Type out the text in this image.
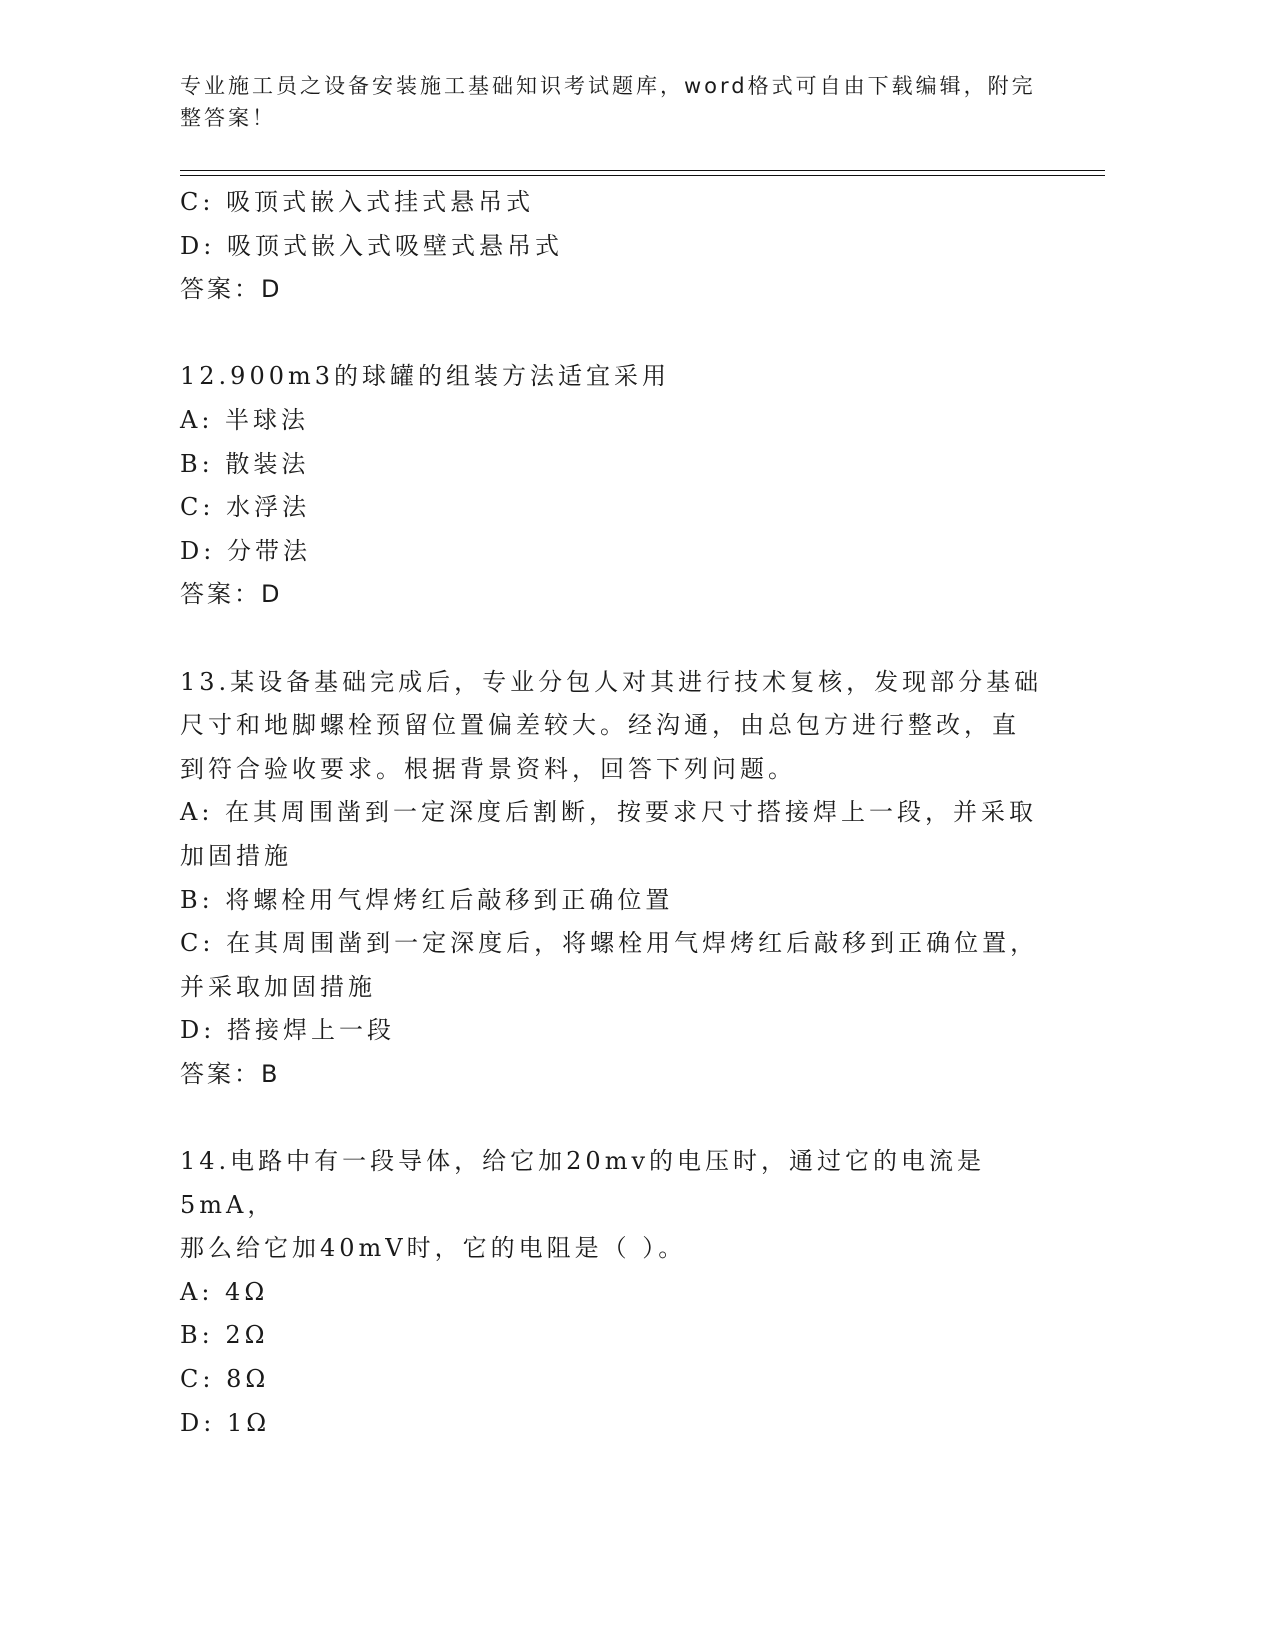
专业施工员之设备安装施工基础知识考试题库，word格式可自由下载编辑，附完整答案！
C: 吸顶式嵌入式挂式悬吊式
D: 吸顶式嵌入式吸壁式悬吊式
答案：D
12.900m3的球罐的组装方法适宜采用
A: 半球法
B: 散装法
C: 水浮法
D: 分带法
答案：D
13.某设备基础完成后，专业分包人对其进行技术复核，发现部分基础
尺寸和地脚螺栓预留位置偏差较大。经沟通，由总包方进行整改，直
到符合验收要求。根据背景资料，回答下列问题。
A: 在其周围凿到一定深度后割断，按要求尺寸搭接焊上一段，并采取
加固措施
B: 将螺栓用气焊烤红后敲移到正确位置
C: 在其周围凿到一定深度后，将螺栓用气焊烤红后敲移到正确位置，
并采取加固措施
D: 搭接焊上一段
答案：B
14.电路中有一段导体，给它加20mv的电压时，通过它的电流是5mA，
那么给它加40mV时，它的电阻是（ ）。
A: 4Ω
B: 2Ω
C: 8Ω
D: 1Ω
